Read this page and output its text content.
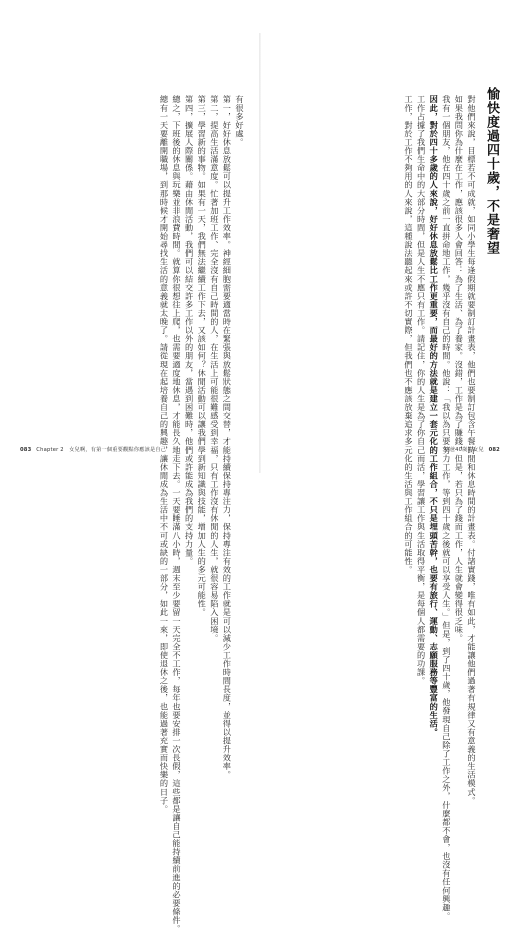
有很多好處。
第一，好好休息放鬆可以提升工作效率。神經細胞需要適當時在緊張與放鬆狀態之間交替，才能持續保持專注力，保持專注有效的工作就是可以減少工作時間長度，並得以提升效率。
第二，提高生活滿意度。忙著加班工作、完全沒有自己時間的人，在生活上可能很難感受到幸福，只有工作沒有休閒的人生，就很容易陷入困境。
第三，學習新的事物。如果有一天，我們無法繼續工作下去，又該如何？休閒活動可以讓我們學到新知識與技能，增加人生的多元可能性。
第四，擴展人際關係。藉由休閒活動，我們可以結交許多工作以外的朋友，當遇到困難時，他們或許能成為我們的支持力量。
總之，下班後的休息與玩樂並非浪費時間。就算你很想往上爬，也需要適度地休息，才能長久地走下去。一天要睡滿八小時，週末至少要留一天完全不工作，每年也要安排一次長假，這些都是讓自己能持續前進的必要條件。
總有一天要離開職場，到那時候才開始尋找生活的意義就太晚了。請從現在起培養自己的興趣，讓休閒成為生活中不可或缺的一部分，如此一來，即使退休之後，也能過著充實而快樂的日子。
083 Chapter 2　女兒啊，有第一個重要觀點你應該是自己
愉快度過四十歲，不是奢望
對他們來說，目標若不可成就，如同小學生每逢假期就要制訂計畫表，他們也要制訂包含午餐時間和休息時間的計畫表。付諸實踐，唯有如此，才能讓他們過著有規律又有意義的生活模式。
如果我問你為什麼在工作，應該很多人會回答：為了生活、為了養家。沒錯，工作是為了賺錢，但是，若只為了錢而工作，人生就會變得很乏味。
我有一個朋友，他在四十歲之前一直拼命地工作，幾乎沒有自己的時間。他說：「我以為只要努力工作，等到四十歲之後就可以享受人生。」但是，到了四十歲，他發現自己除了工作之外，什麼都不會，也沒有任何興趣。
因此，對於四十多歲的人來說，好好休息放鬆比工作更重要，而最好的方法就是建立一套元化的工作組合，不只是埋頭苦幹，也要有旅行、運動、志願服務等豐富的生活。
工作占據了我們生命中的大部分時間，但是人生不應只有工作。請記住，你的人生是為了你自己而活，學習讓工作與生活取得平衡，是每個人都需要的功課。
工作，對於工作不夠用的人來說，這種說法聽起來或許不切實際，但我們也不應該放棄追求多元化的生活與工作組合的可能性。	給爸40歲的女兒 082
